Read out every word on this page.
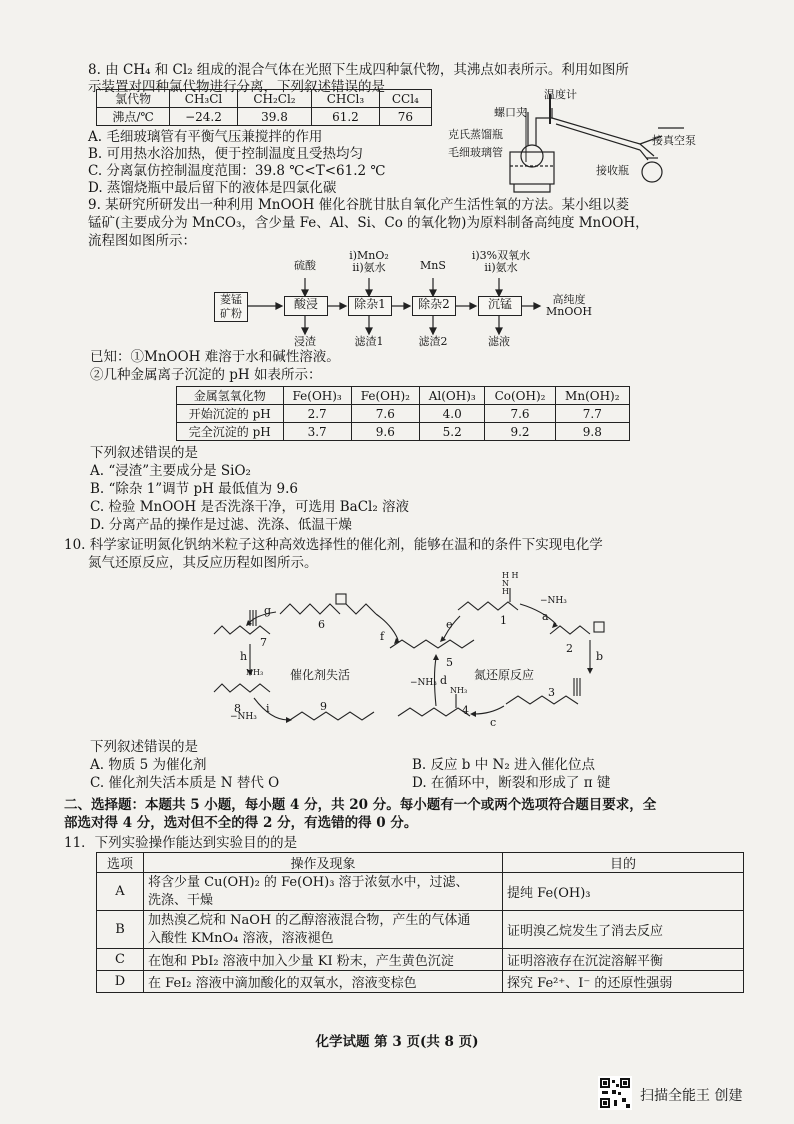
8. 由 CH₄ 和 Cl₂ 组成的混合气体在光照下生成四种氯代物，其沸点如表所示。利用如图所
示装置对四种氯代物进行分离，下列叙述错误的是
氯代物	CH₃Cl	CH₂Cl₂	CHCl₃	CCl₄
沸点/℃	−24.2	39.8	61.2	76
A. 毛细玻璃管有平衡气压兼搅拌的作用
B. 可用热水浴加热，便于控制温度且受热均匀
C. 分离氯仿控制温度范围：39.8 ℃<T<61.2 ℃
D. 蒸馏烧瓶中最后留下的液体是四氯化碳
温度计
螺口夹
克氏蒸馏瓶
毛细玻璃管
接真空泵
接收瓶
9. 某研究所研发出一种利用 MnOOH 催化谷胱甘肽自氧化产生活性氧的方法。某小组以菱
锰矿(主要成分为 MnCO₃，含少量 Fe、Al、Si、Co 的氧化物)为原料制备高纯度 MnOOH，
流程图如图所示：
菱锰矿粉
酸浸	除杂1	除杂2	沉锰
硫酸
i)MnO₂
ii)氨水	MnS
i)3%双氧水
ii)氨水
浸渣	滤渣1	滤渣2	滤液
高纯度
MnOOH
已知：①MnOOH 难溶于水和碱性溶液。
②几种金属离子沉淀的 pH 如表所示：
金属氢氧化物	Fe(OH)₃	Fe(OH)₂	Al(OH)₃	Co(OH)₂	Mn(OH)₂
开始沉淀的 pH	2.7	7.6	4.0	7.6	7.7
完全沉淀的 pH	3.7	9.6	5.2	9.2	9.8
下列叙述错误的是
A. “浸渣”主要成分是 SiO₂
B. “除杂 1”调节 pH 最低值为 9.6
C. 检验 MnOOH 是否洗涤干净，可选用 BaCl₂ 溶液
D. 分离产品的操作是过滤、洗涤、低温干燥
10. 科学家证明氮化钒纳米粒子这种高效选择性的催化剂，能够在温和的条件下实现电化学
氮气还原反应，其反应历程如图所示。
6
7
8	9
5
1
2
3
4
g
f
h
i
e
a
b
c
d
催化剂失活	氮还原反应
−NH₃
−NH₃
−NH₃
NH₃
NH₃
H H
N
H
下列叙述错误的是
A. 物质 5 为催化剂	B. 反应 b 中 N₂ 进入催化位点
C. 催化剂失活本质是 N 替代 O	D. 在循环中，断裂和形成了 π 键
二、选择题：本题共 5 小题，每小题 4 分，共 20 分。每小题有一个或两个选项符合题目要求，全
部选对得 4 分，选对但不全的得 2 分，有选错的得 0 分。
11．下列实验操作能达到实验目的的是
选项	操作及现象	目的
A	将含少量 Cu(OH)₂ 的 Fe(OH)₃ 溶于浓氨水中，过滤、
洗涤、干燥	提纯 Fe(OH)₃
B	加热溴乙烷和 NaOH 的乙醇溶液混合物，产生的气体通
入酸性 KMnO₄ 溶液，溶液褪色	证明溴乙烷发生了消去反应
C	在饱和 PbI₂ 溶液中加入少量 KI 粉末，产生黄色沉淀	证明溶液存在沉淀溶解平衡
D	在 FeI₂ 溶液中滴加酸化的双氧水，溶液变棕色	探究 Fe²⁺、I⁻ 的还原性强弱
化学试题 第 3 页(共 8 页)
扫描全能王 创建
